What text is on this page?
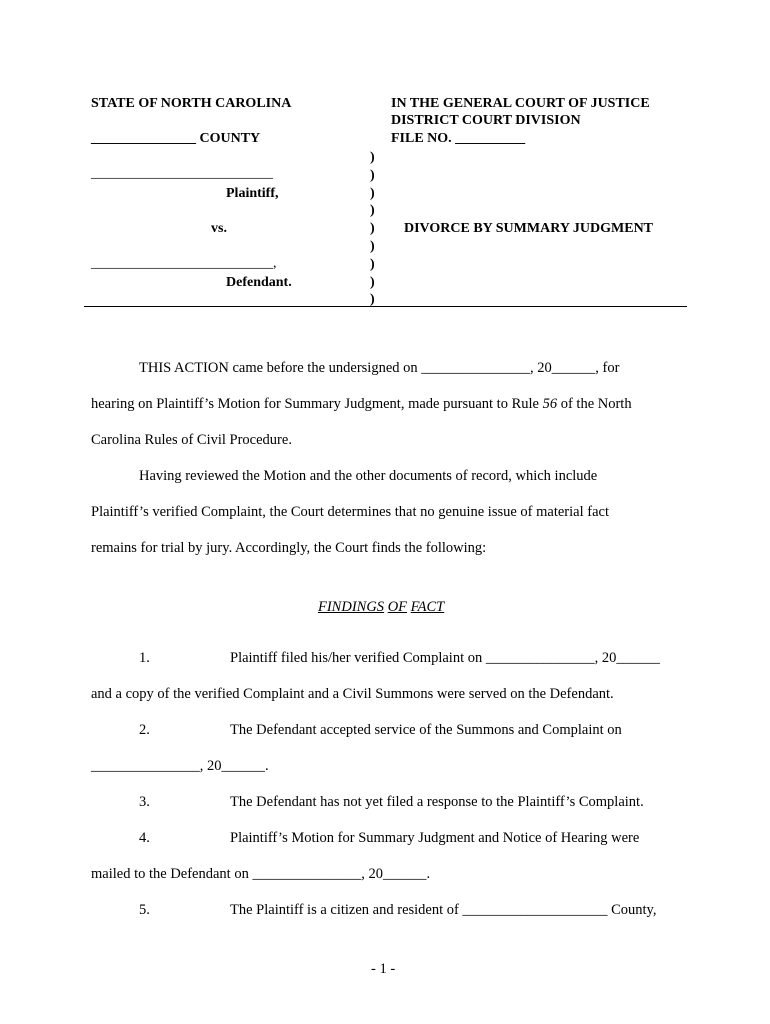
STATE OF NORTH CAROLINA
_______________ COUNTY
IN THE GENERAL COURT OF JUSTICE
DISTRICT COURT DIVISION
FILE NO. __________
__________________________
Plaintiff,
vs.
__________________________,
Defendant.
DIVORCE BY SUMMARY JUDGMENT
)
)
)
)
)
)
)
)
)
THIS ACTION came before the undersigned on _______________, 20______, for
hearing on Plaintiff’s Motion for Summary Judgment, made pursuant to Rule 56 of the North
Carolina Rules of Civil Procedure.
Having reviewed the Motion and the other documents of record, which include
Plaintiff’s verified Complaint, the Court determines that no genuine issue of material fact
remains for trial by jury. Accordingly, the Court finds the following:
FINDINGS OF FACT
1.	Plaintiff filed his/her verified Complaint on _______________, 20______
and a copy of the verified Complaint and a Civil Summons were served on the Defendant.
2.	The Defendant accepted service of the Summons and Complaint on
_______________, 20______.
3.	The Defendant has not yet filed a response to the Plaintiff’s Complaint.
4.	Plaintiff’s Motion for Summary Judgment and Notice of Hearing were
mailed to the Defendant on _______________, 20______.
5.	The Plaintiff is a citizen and resident of ____________________ County,
- 1 -
